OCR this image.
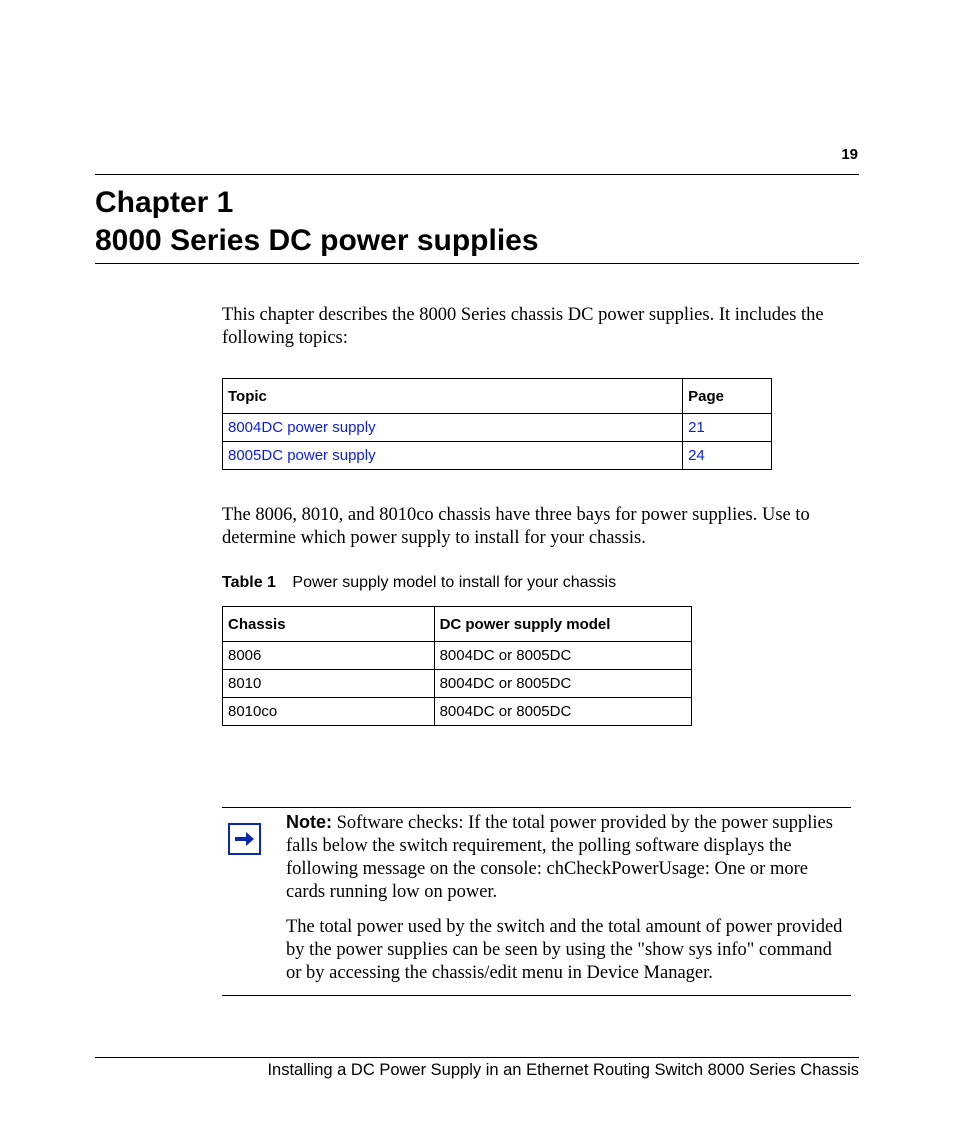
19
Chapter 1
8000 Series DC power supplies

This chapter describes the 8000 Series chassis DC power supplies. It includes the following topics:

Topic	Page
8004DC power supply	21
8005DC power supply	24

The 8006, 8010, and 8010co chassis have three bays for power supplies. Use to determine which power supply to install for your chassis.

Table 1 Power supply model to install for your chassis

Chassis	DC power supply model
8006	8004DC or 8005DC
8010	8004DC or 8005DC
8010co	8004DC or 8005DC

Note: Software checks: If the total power provided by the power supplies falls below the switch requirement, the polling software displays the following message on the console: chCheckPowerUsage: One or more cards running low on power.

The total power used by the switch and the total amount of power provided by the power supplies can be seen by using the "show sys info" command or by accessing the chassis/edit menu in Device Manager.

Installing a DC Power Supply in an Ethernet Routing Switch 8000 Series Chassis
